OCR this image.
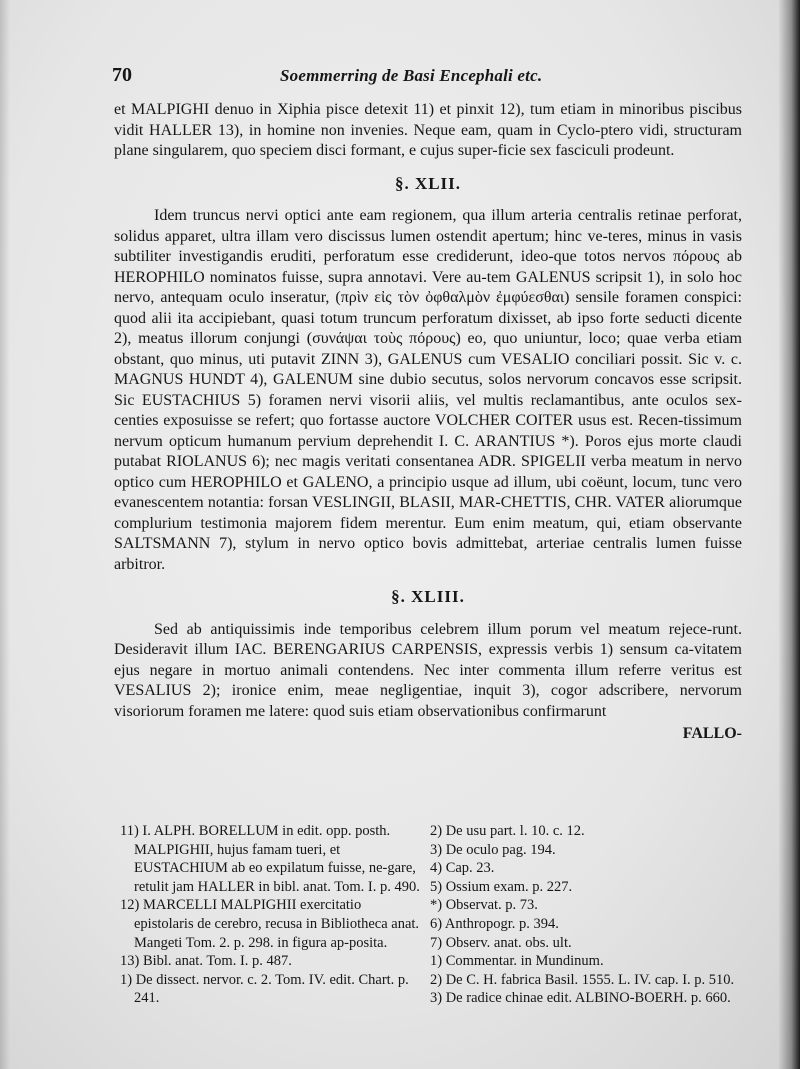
70	Soemmerring de Basi Encephali etc.

et MALPIGHI denuo in Xiphia pisce detexit 11) et pinxit 12), tum etiam in minoribus piscibus vidit HALLER 13), in homine non invenies. Neque eam, quam in Cyclo-ptero vidi, structuram plane singularem, quo speciem disci formant, e cujus super-ficie sex fasciculi prodeunt.

§. XLII.

Idem truncus nervi optici ante eam regionem, qua illum arteria centralis retinae perforat, solidus apparet, ultra illam vero discissus lumen ostendit apertum; hinc ve-teres, minus in vasis subtiliter investigandis eruditi, perforatum esse crediderunt, ideo-que totos nervos πόρους ab HEROPHILO nominatos fuisse, supra annotavi. Vere au-tem GALENUS scripsit 1), in solo hoc nervo, antequam oculo inseratur, (πρὶν εἰς τὸν ὀφθαλμὸν ἐμφύεσθαι) sensile foramen conspici: quod alii ita accipiebant, quasi totum truncum perforatum dixisset, ab ipso forte seducti dicente 2), meatus illorum conjungi (συνάψαι τοὺς πόρους) eo, quo uniuntur, loco; quae verba etiam obstant, quo minus, uti putavit ZINN 3), GALENUS cum VESALIO conciliari possit. Sic v. c. MAGNUS HUNDT 4), GALENUM sine dubio secutus, solos nervorum concavos esse scripsit. Sic EUSTACHIUS 5) foramen nervi visorii aliis, vel multis reclamantibus, ante oculos sex-centies exposuisse se refert; quo fortasse auctore VOLCHER COITER usus est. Recen-tissimum nervum opticum humanum pervium deprehendit I. C. ARANTIUS *). Poros ejus morte claudi putabat RIOLANUS 6); nec magis veritati consentanea ADR. SPIGELII verba meatum in nervo optico cum HEROPHILO et GALENO, a principio usque ad illum, ubi coëunt, locum, tunc vero evanescentem notantia: forsan VESLINGII, BLASII, MAR-CHETTIS, CHR. VATER aliorumque complurium testimonia majorem fidem merentur. Eum enim meatum, qui, etiam observante SALTSMANN 7), stylum in nervo optico bovis admittebat, arteriae centralis lumen fuisse arbitror.

§. XLIII.

Sed ab antiquissimis inde temporibus celebrem illum porum vel meatum rejece-runt. Desideravit illum IAC. BERENGARIUS CARPENSIS, expressis verbis 1) sensum ca-vitatem ejus negare in mortuo animali contendens. Nec inter commenta illum referre veritus est VESALIUS 2); ironice enim, meae negligentiae, inquit 3), cogor adscribere, nervorum visoriorum foramen me latere: quod suis etiam observationibus confirmarunt

FALLO-

11) I. ALPH. BORELLUM in edit. opp. posth. MALPIGHII, hujus famam tueri, et EUSTACHIUM ab eo expilatum fuisse, ne-gare, retulit jam HALLER in bibl. anat. Tom. I. p. 490.

12) MARCELLI MALPIGHII exercitatio epistolaris de cerebro, recusa in Bibliotheca anat. Mangeti Tom. 2. p. 298. in figura ap-posita.

13) Bibl. anat. Tom. I. p. 487.

1) De dissect. nervor. c. 2. Tom. IV. edit. Chart. p. 241.

2) De usu part. l. 10. c. 12.

3) De oculo pag. 194.

4) Cap. 23.

5) Ossium exam. p. 227.

*) Observat. p. 73.

6) Anthropogr. p. 394.

7) Observ. anat. obs. ult.

1) Commentar. in Mundinum.

2) De C. H. fabrica Basil. 1555. L. IV. cap. I. p. 510.

3) De radice chinae edit. ALBINO-BOERH. p. 660.
